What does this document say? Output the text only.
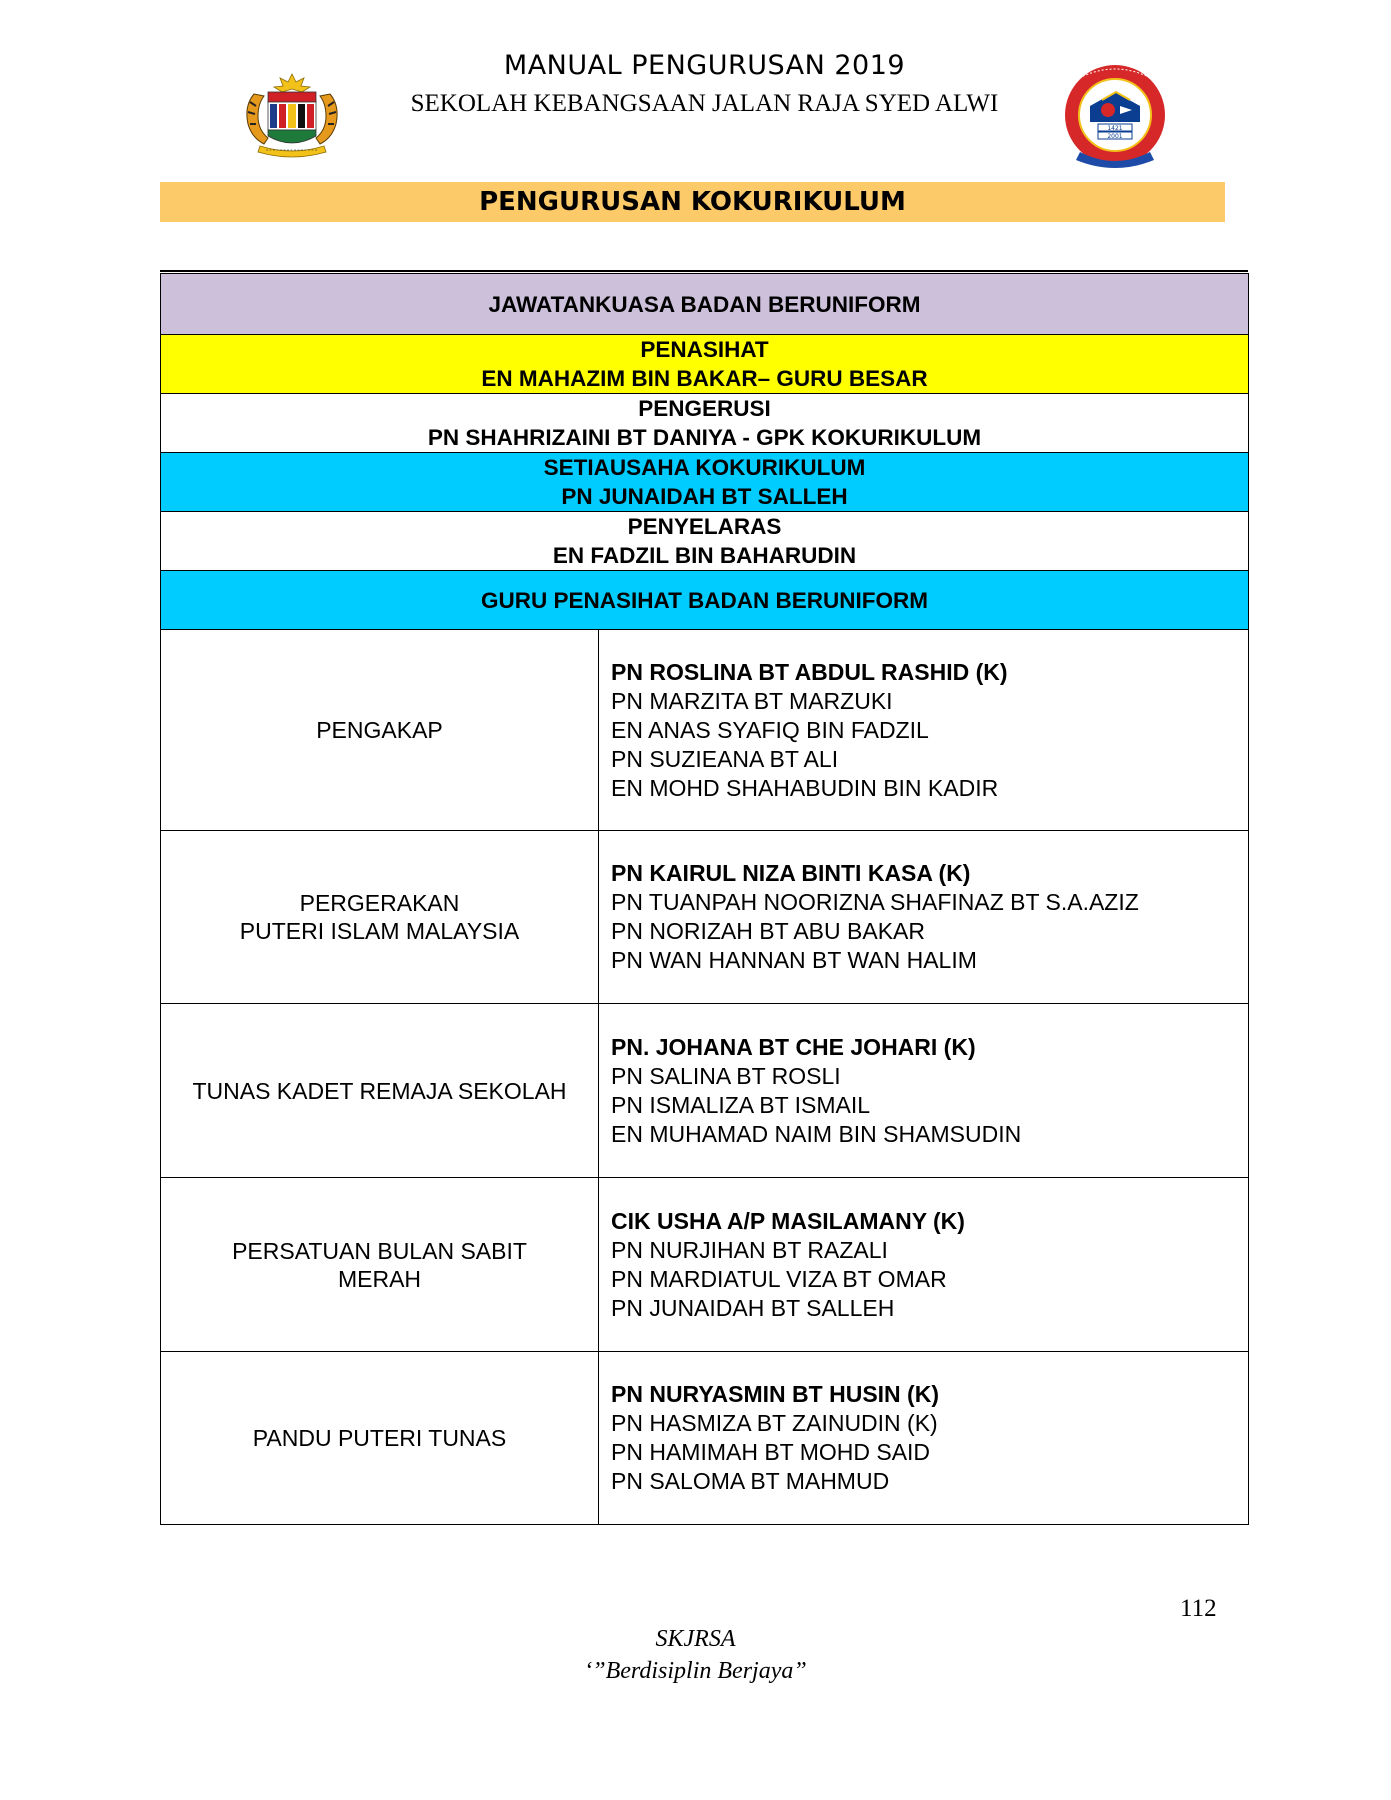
MANUAL PENGURUSAN 2019
SEKOLAH KEBANGSAAN JALAN RAJA SYED ALWI
1421
2001
PENGURUSAN KOKURIKULUM
JAWATANKUASA BADAN BERUNIFORM	

PENASIHAT
EN MAHAZIM BIN BAKAR– GURU BESAR	

PENGERUSI
PN SHAHRIZAINI BT DANIYA - GPK KOKURIKULUM	

SETIAUSAHA KOKURIKULUM
PN JUNAIDAH BT SALLEH	

PENYELARAS
EN FADZIL BIN BAHARUDIN	

GURU PENASIHAT BADAN BERUNIFORM	

PENGAKAP	PN ROSLINA BT ABDUL RASHID (K)
PN MARZITA BT MARZUKI
EN ANAS SYAFIQ BIN FADZIL
PN SUZIEANA BT ALI
EN MOHD SHAHABUDIN BIN KADIR

PERGERAKAN
PUTERI ISLAM MALAYSIA	PN KAIRUL NIZA BINTI KASA (K)
PN TUANPAH NOORIZNA SHAFINAZ BT S.A.AZIZ
PN NORIZAH BT ABU BAKAR
PN WAN HANNAN BT WAN HALIM

TUNAS KADET REMAJA SEKOLAH	PN. JOHANA BT CHE JOHARI (K)
PN SALINA BT ROSLI
PN ISMALIZA BT ISMAIL
EN MUHAMAD NAIM BIN SHAMSUDIN

PERSATUAN BULAN SABIT
MERAH	CIK USHA A/P MASILAMANY (K)
PN NURJIHAN BT RAZALI
PN MARDIATUL VIZA BT OMAR
PN JUNAIDAH BT SALLEH

PANDU PUTERI TUNAS	PN NURYASMIN BT HUSIN (K)
PN HASMIZA BT ZAINUDIN (K)
PN HAMIMAH BT MOHD SAID
PN SALOMA BT MAHMUD
112
SKJRSA
‘”Berdisiplin Berjaya”
